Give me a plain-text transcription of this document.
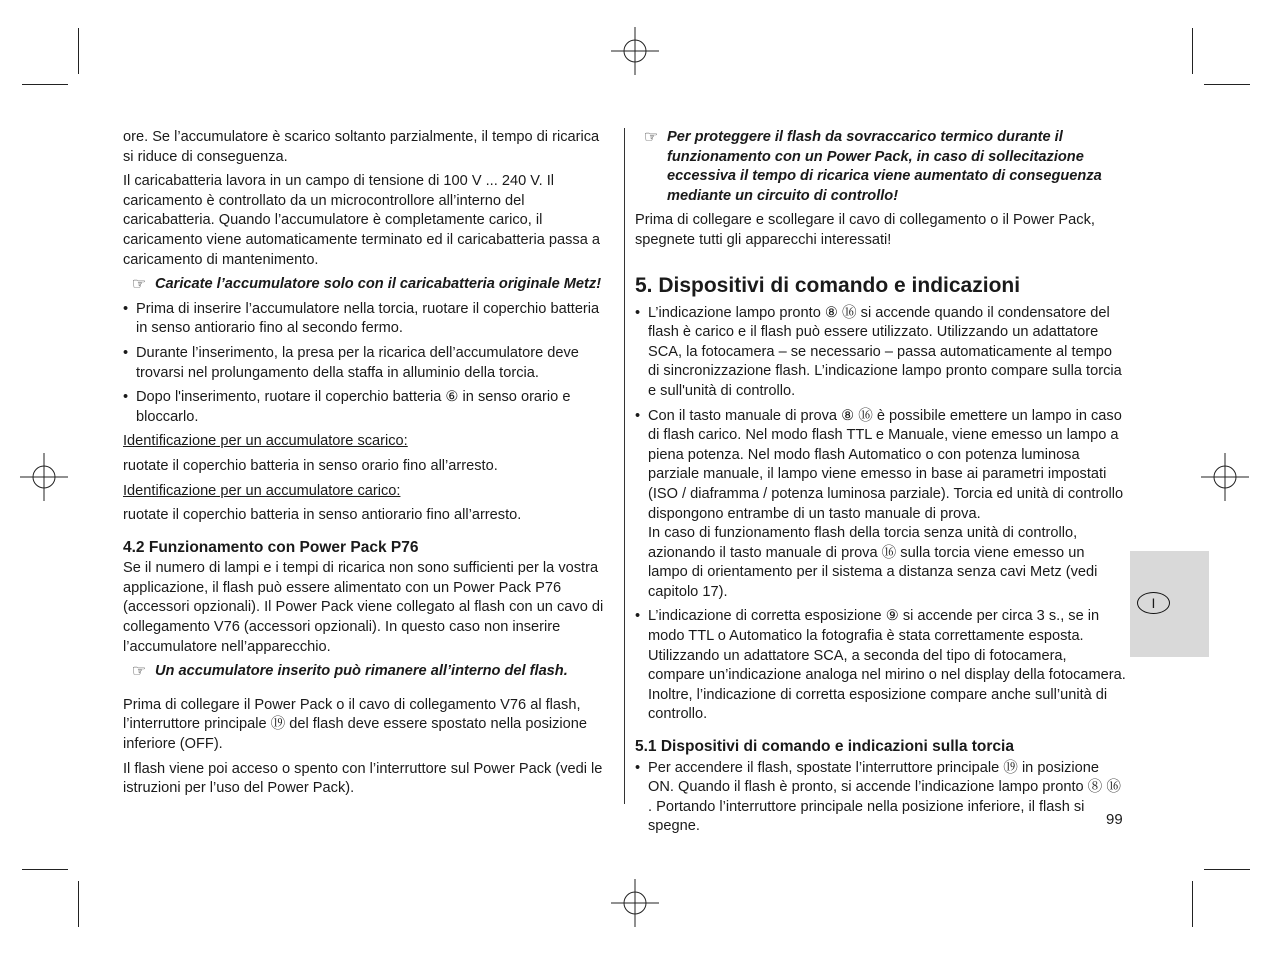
ore. Se l’accumulatore è scarico soltanto parzialmente, il tempo di ricarica si riduce di conseguenza.

Il caricabatteria lavora in un campo di tensione di 100 V ... 240 V. Il caricamento è controllato da un microcontrollore all’interno del caricabatteria. Quando l’accumulatore è completamente carico, il caricamento viene automaticamente terminato ed il caricabatteria passa a caricamento di mantenimento.

☞ Caricate l’accumulatore solo con il caricabatteria originale Metz!
• Prima di inserire l’accumulatore nella torcia, ruotare il coperchio batteria in senso antiorario fino al secondo fermo.
• Durante l’inserimento, la presa per la ricarica dell’accumulatore deve trovarsi nel prolungamento della staffa in alluminio della torcia.
• Dopo l'inserimento, ruotare il coperchio batteria ⑥ in senso orario e bloccarlo.
Identificazione per un accumulatore scarico:

ruotate il coperchio batteria in senso orario fino all’arresto.

Identificazione per un accumulatore carico:

ruotate il coperchio batteria in senso antiorario fino all’arresto.

4.2 Funzionamento con Power Pack P76

Se il numero di lampi e i tempi di ricarica non sono sufficienti per la vostra applicazione, il flash può essere alimentato con un Power Pack P76 (accessori opzionali). Il Power Pack viene collegato al flash con un cavo di collegamento V76 (accessori opzionali). In questo caso non inserire l’accumulatore nell’apparecchio.

☞ Un accumulatore inserito può rimanere all’interno del flash.

Prima di collegare il Power Pack o il cavo di collegamento V76 al flash, l’interruttore principale ⑲ del flash deve essere spostato nella posizione inferiore (OFF).

Il flash viene poi acceso o spento con l’interruttore sul Power Pack (vedi le istruzioni per l’uso del Power Pack).

☞ Per proteggere il flash da sovraccarico termico durante il funzionamento con un Power Pack, in caso di sollecitazione eccessiva il tempo di ricarica viene aumentato di conseguenza mediante un circuito di controllo!

Prima di collegare e scollegare il cavo di collegamento o il Power Pack, spegnete tutti gli apparecchi interessati!

5. Dispositivi di comando e indicazioni
• L’indicazione lampo pronto ⑧ ⑯ si accende quando il condensatore del flash è carico e il flash può essere utilizzato. Utilizzando un adattatore SCA, la fotocamera – se necessario – passa automaticamente al tempo di sincronizzazione flash. L’indicazione lampo pronto compare sulla torcia e sull'unità di controllo.
• Con il tasto manuale di prova ⑧ ⑯ è possibile emettere un lampo in caso di flash carico. Nel modo flash TTL e Manuale, viene emesso un lampo a piena potenza. Nel modo flash Automatico o con potenza luminosa parziale manuale, il lampo viene emesso in base ai parametri impostati (ISO / diaframma / potenza luminosa parziale). Torcia ed unità di controllo dispongono entrambe di un tasto manuale di prova.
In caso di funzionamento flash della torcia senza unità di controllo, azionando il tasto manuale di prova ⑯ sulla torcia viene emesso un lampo di orientamento per il sistema a distanza senza cavi Metz (vedi capitolo 17).
• L’indicazione di corretta esposizione ⑨ si accende per circa 3 s., se in modo TTL o Automatico la fotografia è stata correttamente esposta. Utilizzando un adattatore SCA, a seconda del tipo di fotocamera, compare un’indicazione analoga nel mirino o nel display della fotocamera. Inoltre, l’indicazione di corretta esposizione compare anche sull’unità di controllo.
5.1 Dispositivi di comando e indicazioni sulla torcia
• Per accendere il flash, spostate l’interruttore principale ⑲ in posizione ON. Quando il flash è pronto, si accende l’indicazione lampo pronto ⑧ ⑯ . Portando l’interruttore principale nella posizione inferiore, il flash si spegne.
I
99
